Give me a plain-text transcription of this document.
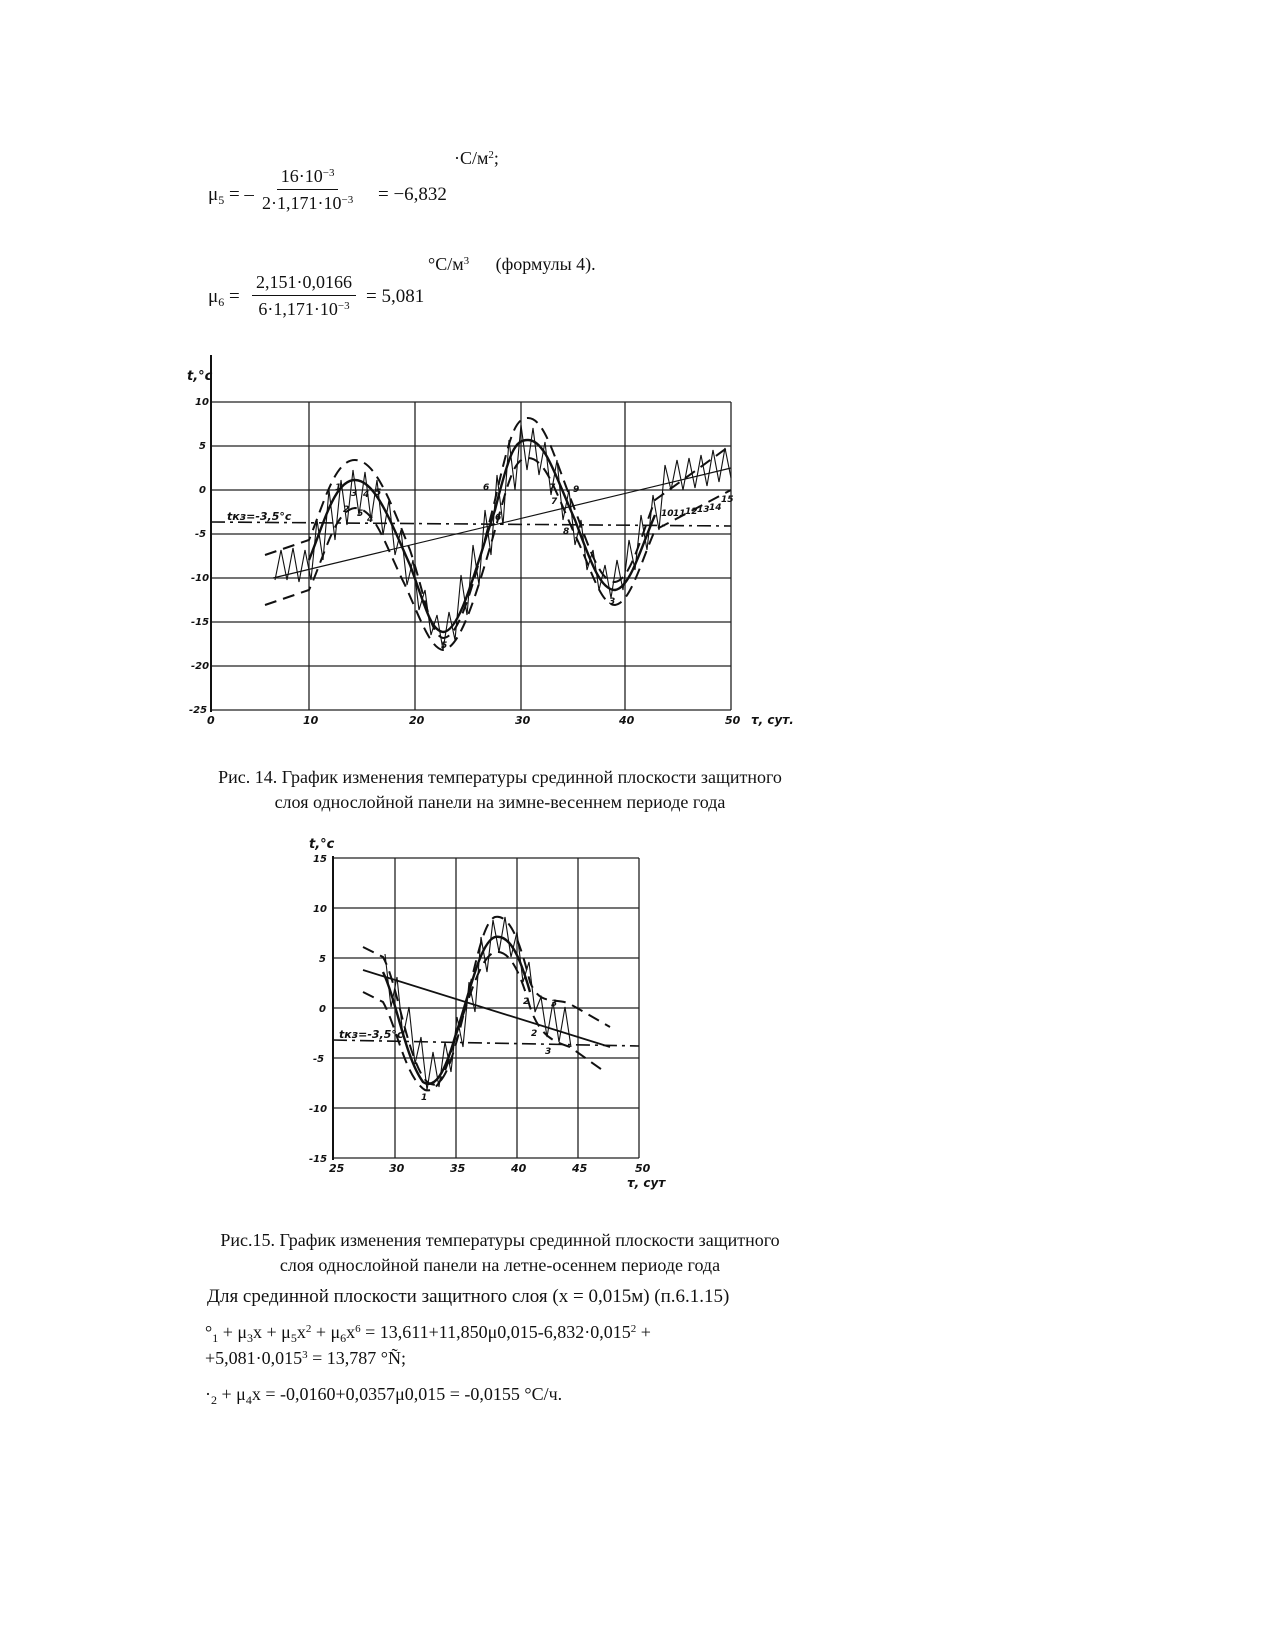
$\cdot С/м^2$;
$\mu_5$ = – $\frac{16\cdot 10^{-3}}{2\cdot 1,171\cdot 10^{-3}} = -6,832$
$^\circ С/м^3$ (формулы 4).
$\mu_6 = \frac{2,151\cdot 0,0166}{6\cdot 1,171\cdot 10^{-3}} = 5,081$
t,°c
10
5
0
-5
-10
-15
-20
-25
0	10	20	30	40	50 τ, сут.
tкз=-3,5°c
1
2
3 4 5
5
4
5
6
6
7
7
8
9
3
10 11 12 13 14
15
Рис. 14. График изменения температуры срединной плоскости защитного
слоя однослойной панели на зимне-весеннем периоде года
t,°c
15
10
5
0
-5
-10
-15
25	30	35	40	45	50
τ, сут
tкз=-3,5°c
1
2 3
2
3
Рис.15. График изменения температуры срединной плоскости защитного
слоя однослойной панели на летне-осеннем периоде года
Для срединной плоскости защитного слоя (х = 0,015м) (п.6.1.15)
$^\circ_1 + \mu_3x + \mu_5x^2 + \mu_6x^6 = 13,611+11,850\mu 0,015-6,832\cdot 0,015^2$ +
$+5,081\cdot 0,015^3 = 13,787$ °Ñ;
$\cdot_2 + \mu_4x = -0,0160+0,0357\mu 0,015 = -0,0155$ °С/ч.
